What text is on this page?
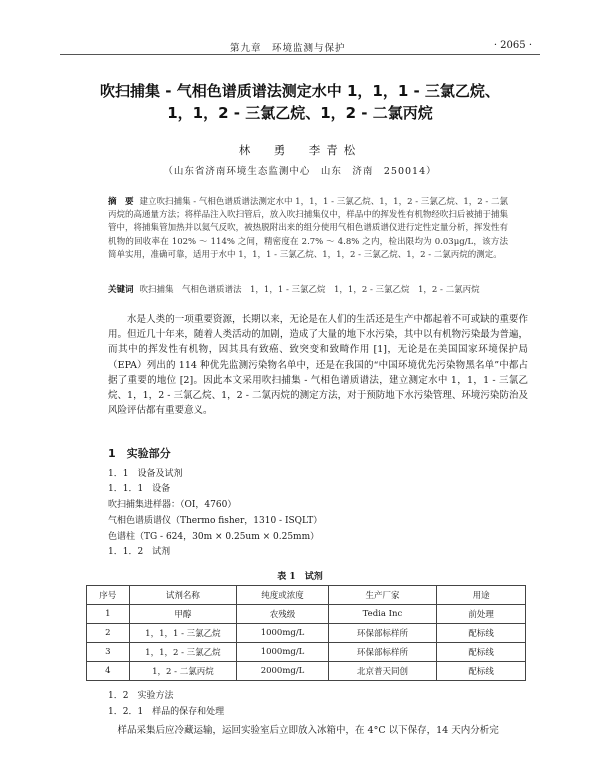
第九章　环境监测与保护	· 2065 ·
吹扫捕集 - 气相色谱质谱法测定水中 1，1，1 - 三氯乙烷、
1，1，2 - 三氯乙烷、1，2 - 二氯丙烷
林　勇　李青松
（山东省济南环境生态监测中心　山东　济南　250014）
摘　要 建立吹扫捕集 - 气相色谱质谱法测定水中 1，1，1 - 三氯乙烷、1，1，2 - 三氯乙烷、1，2 - 二氯丙烷的高通量方法；将样品注入吹扫管后，放入吹扫捕集仪中，样品中的挥发性有机物经吹扫后被捕于捕集管中，将捕集管加热并以氦气反吹，被热脱附出来的组分使用气相色谱质谱仪进行定性定量分析，挥发性有机物的回收率在 102% ～ 114% 之间，精密度在 2.7% ～ 4.8% 之内，检出限均为 0.03μg/L，该方法简单实用，准确可靠，适用于水中 1，1，1 - 三氯乙烷、1，1，2 - 三氯乙烷、1，2 - 二氯丙烷的测定。
关键词 吹扫捕集　气相色谱质谱法　1，1，1 - 三氯乙烷　1，1，2 - 三氯乙烷　1，2 - 二氯丙烷
水是人类的一项重要资源，长期以来，无论是在人们的生活还是生产中都起着不可或缺的重要作用。但近几十年来，随着人类活动的加剧，造成了大量的地下水污染，其中以有机物污染最为普遍，而其中的挥发性有机物，因其具有致癌、致突变和致畸作用 [1]，无论是在美国国家环境保护局（EPA）列出的 114 种优先监测污染物名单中，还是在我国的“中国环境优先污染物黑名单”中都占据了重要的地位 [2]。因此本文采用吹扫捕集 - 气相色谱质谱法，建立测定水中 1，1，1 - 三氯乙烷、1，1，2 - 三氯乙烷、1，2 - 二氯丙烷的测定方法，对于预防地下水污染管理、环境污染防治及风险评估都有重要意义。
1　实验部分
1．1　设备及试剂
1．1．1　设备
吹扫捕集进样器：（OI，4760）
气相色谱质谱仪（Thermo fisher，1310 - ISQLT）
色谱柱（TG - 624，30m × 0.25um × 0.25mm）
1．1．2　试剂
表 1　试剂
序号	试剂名称	纯度或浓度	生产厂家	用途
1	甲醇	农残级	Tedia Inc	前处理
2	1，1，1 - 三氯乙烷	1000mg/L	环保部标样所	配标线
3	1，1，2 - 三氯乙烷	1000mg/L	环保部标样所	配标线
4	1，2 - 二氯丙烷	2000mg/L	北京普天同创	配标线
1．2　实验方法
1．2．1　样品的保存和处理
样品采集后应冷藏运输，运回实验室后立即放入冰箱中，在 4°C 以下保存，14 天内分析完
